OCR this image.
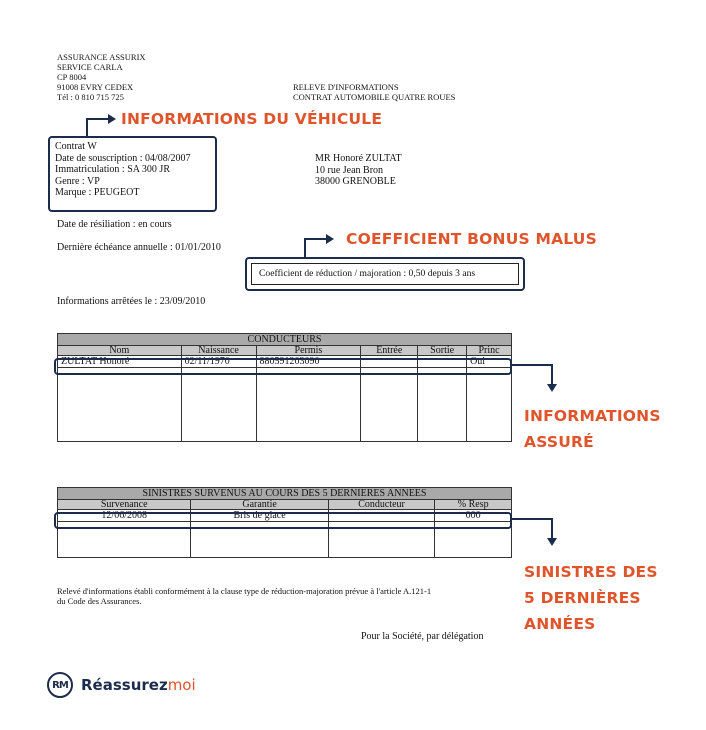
ASSURANCE ASSURIX
SERVICE CARLA
CP 8004
91008 EVRY CEDEX
Tél : 0 810 715 725
RELEVE D'INFORMATIONS
CONTRAT AUTOMOBILE QUATRE ROUES
INFORMATIONS DU VÉHICULE
Contrat W
Date de souscription : 04/08/2007
Immatriculation : SA 300 JR
Genre : VP
Marque : PEUGEOT
MR Honoré ZULTAT
10 rue Jean Bron
38000 GRENOBLE
Date de résiliation : en cours
Dernière échéance annuelle : 01/01/2010	COEFFICIENT BONUS MALUS
Coefficient de réduction / majoration : 0,50 depuis 3 ans
Informations arrêtées le : 23/09/2010
CONDUCTEURS					
Nom	Naissance	Permis	Entrée	Sortie	Princ
ZULTAT Honoré	02/11/1970	880591203090			Oui

INFORMATIONS
ASSURÉ
SINISTRES SURVENUS AU COURS DES 5 DERNIERES ANNEES			
Survenance	Garantie	Conducteur	% Resp
12/06/2008	Bris de glace		000

SINISTRES DES
5 DERNIÈRES
ANNÉES
Relevé d'informations établi conformément à la clause type de réduction-majoration prévue à l'article A.121-1
du Code des Assurances.
Pour la Société, par délégation
RM Réassurezmoi
